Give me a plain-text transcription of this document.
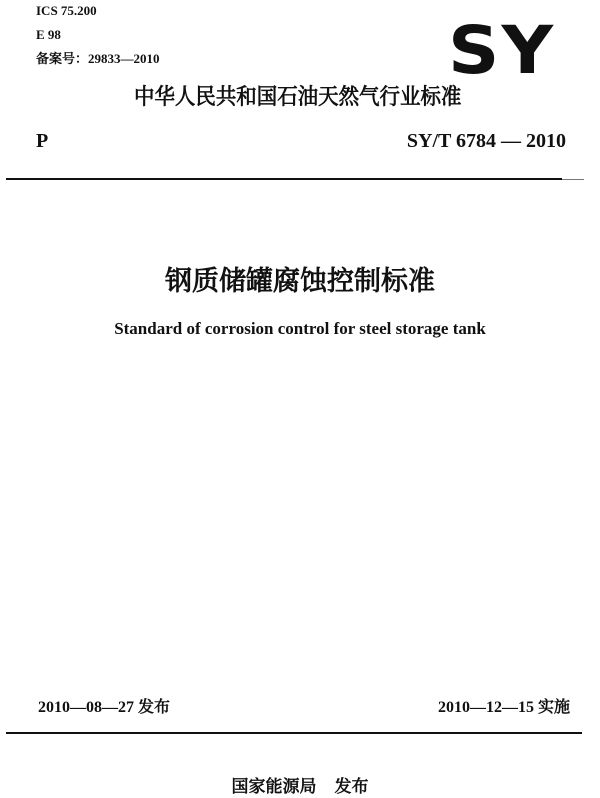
ICS 75.200
E 98
备案号：29833—2010	SY
中华人民共和国石油天然气行业标准
P	SY/T 6784 — 2010
钢质储罐腐蚀控制标准
Standard of corrosion control for steel storage tank
2010—08—27 发布	2010—12—15 实施
国家能源局 发布
